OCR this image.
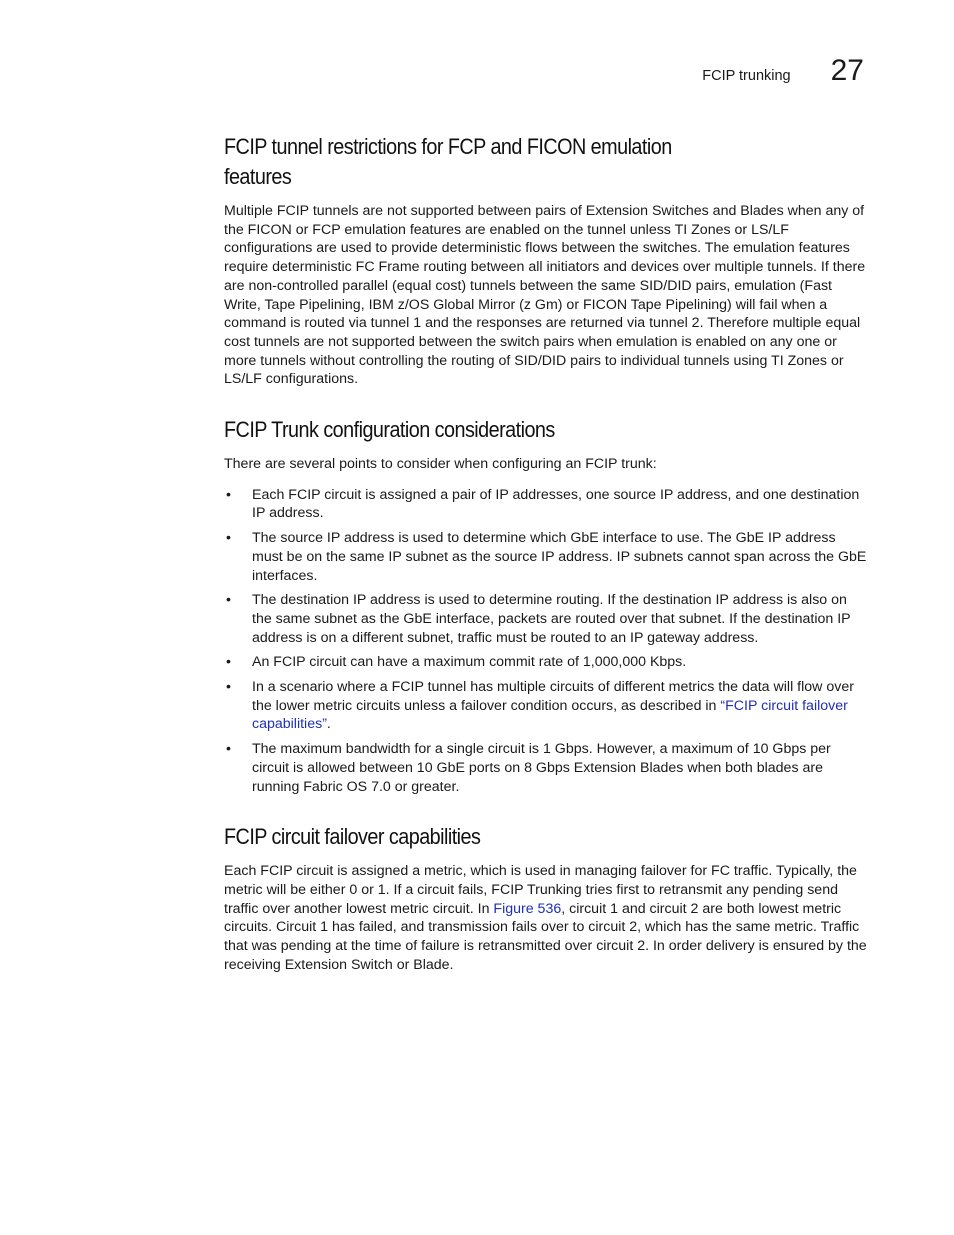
FCIP trunking 27
FCIP tunnel restrictions for FCP and FICON emulation features

Multiple FCIP tunnels are not supported between pairs of Extension Switches and Blades when any of the FICON or FCP emulation features are enabled on the tunnel unless TI Zones or LS/LF configurations are used to provide deterministic flows between the switches. The emulation features require deterministic FC Frame routing between all initiators and devices over multiple tunnels. If there are non-controlled parallel (equal cost) tunnels between the same SID/DID pairs, emulation (Fast Write, Tape Pipelining, IBM z/OS Global Mirror (z Gm) or FICON Tape Pipelining) will fail when a command is routed via tunnel 1 and the responses are returned via tunnel 2. Therefore multiple equal cost tunnels are not supported between the switch pairs when emulation is enabled on any one or more tunnels without controlling the routing of SID/DID pairs to individual tunnels using TI Zones or LS/LF configurations.

FCIP Trunk configuration considerations

There are several points to consider when configuring an FCIP trunk:

• Each FCIP circuit is assigned a pair of IP addresses, one source IP address, and one destination IP address.
• The source IP address is used to determine which GbE interface to use. The GbE IP address must be on the same IP subnet as the source IP address. IP subnets cannot span across the GbE interfaces.
• The destination IP address is used to determine routing. If the destination IP address is also on the same subnet as the GbE interface, packets are routed over that subnet. If the destination IP address is on a different subnet, traffic must be routed to an IP gateway address.
• An FCIP circuit can have a maximum commit rate of 1,000,000 Kbps.
• In a scenario where a FCIP tunnel has multiple circuits of different metrics the data will flow over the lower metric circuits unless a failover condition occurs, as described in “FCIP circuit failover capabilities”.
• The maximum bandwidth for a single circuit is 1 Gbps. However, a maximum of 10 Gbps per circuit is allowed between 10 GbE ports on 8 Gbps Extension Blades when both blades are running Fabric OS 7.0 or greater.
FCIP circuit failover capabilities

Each FCIP circuit is assigned a metric, which is used in managing failover for FC traffic. Typically, the metric will be either 0 or 1. If a circuit fails, FCIP Trunking tries first to retransmit any pending send traffic over another lowest metric circuit. In Figure 536, circuit 1 and circuit 2 are both lowest metric circuits. Circuit 1 has failed, and transmission fails over to circuit 2, which has the same metric. Traffic that was pending at the time of failure is retransmitted over circuit 2. In order delivery is ensured by the receiving Extension Switch or Blade.
